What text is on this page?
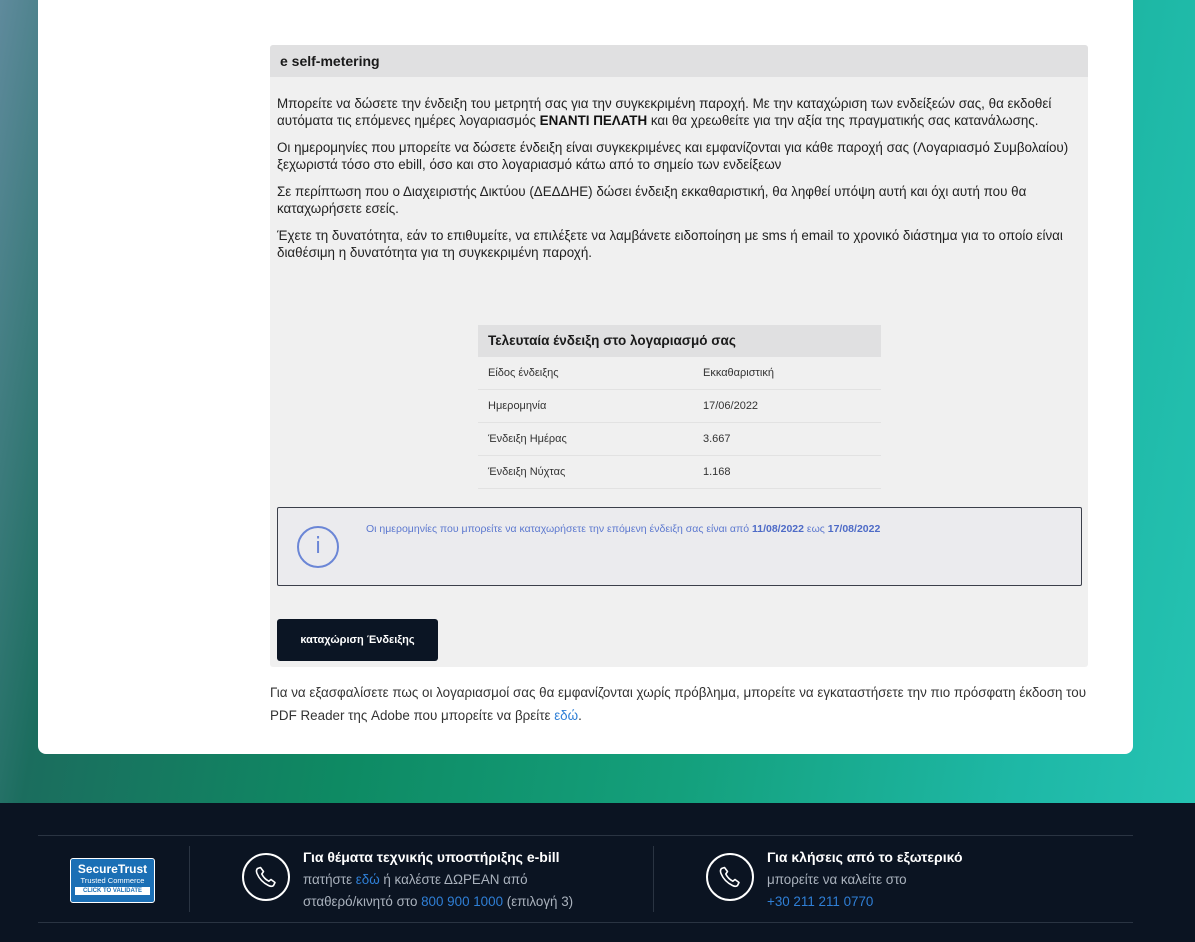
e self-metering

Μπορείτε να δώσετε την ένδειξη του μετρητή σας για την συγκεκριμένη παροχή. Με την καταχώριση των ενδείξεών σας, θα εκδοθεί αυτόματα τις επόμενες ημέρες λογαριασμός ΕΝΑΝΤΙ ΠΕΛΑΤΗ και θα χρεωθείτε για την αξία της πραγματικής σας κατανάλωσης.

Οι ημερομηνίες που μπορείτε να δώσετε ένδειξη είναι συγκεκριμένες και εμφανίζονται για κάθε παροχή σας (Λογαριασμό Συμβολαίου) ξεχωριστά τόσο στο ebill, όσο και στο λογαριασμό κάτω από το σημείο των ενδείξεων

Σε περίπτωση που ο Διαχειριστής Δικτύου (ΔΕΔΔΗΕ) δώσει ένδειξη εκκαθαριστική, θα ληφθεί υπόψη αυτή και όχι αυτή που θα καταχωρήσετε εσείς.

Έχετε τη δυνατότητα, εάν το επιθυμείτε, να επιλέξετε να λαμβάνετε ειδοποίηση με sms ή email το χρονικό διάστημα για το οποίο είναι διαθέσιμη η δυνατότητα για τη συγκεκριμένη παροχή.

Τελευταία ένδειξη στο λογαριασμό σας
Είδος ένδειξης	Εκκαθαριστική
Ημερομηνία	17/06/2022
Ένδειξη Ημέρας	3.667
Ένδειξη Νύχτας	1.168
i
Οι ημερομηνίες που μπορείτε να καταχωρήσετε την επόμενη ένδειξη σας είναι από 11/08/2022 εως 17/08/2022
καταχώριση Ένδειξης
Για να εξασφαλίσετε πως οι λογαριασμοί σας θα εμφανίζονται χωρίς πρόβλημα, μπορείτε να εγκαταστήσετε την πιο πρόσφατη έκδοση του PDF Reader της Adobe που μπορείτε να βρείτε εδώ.
SecureTrust
Trusted Commerce
CLICK TO VALIDATE
Για θέματα τεχνικής υποστήριξης e-bill
πατήστε εδώ ή καλέστε ΔΩΡΕΑΝ από
σταθερό/κινητό στο 800 900 1000 (επιλογή 3)
Για κλήσεις από το εξωτερικό
μπορείτε να καλείτε στο
+30 211 211 0770
